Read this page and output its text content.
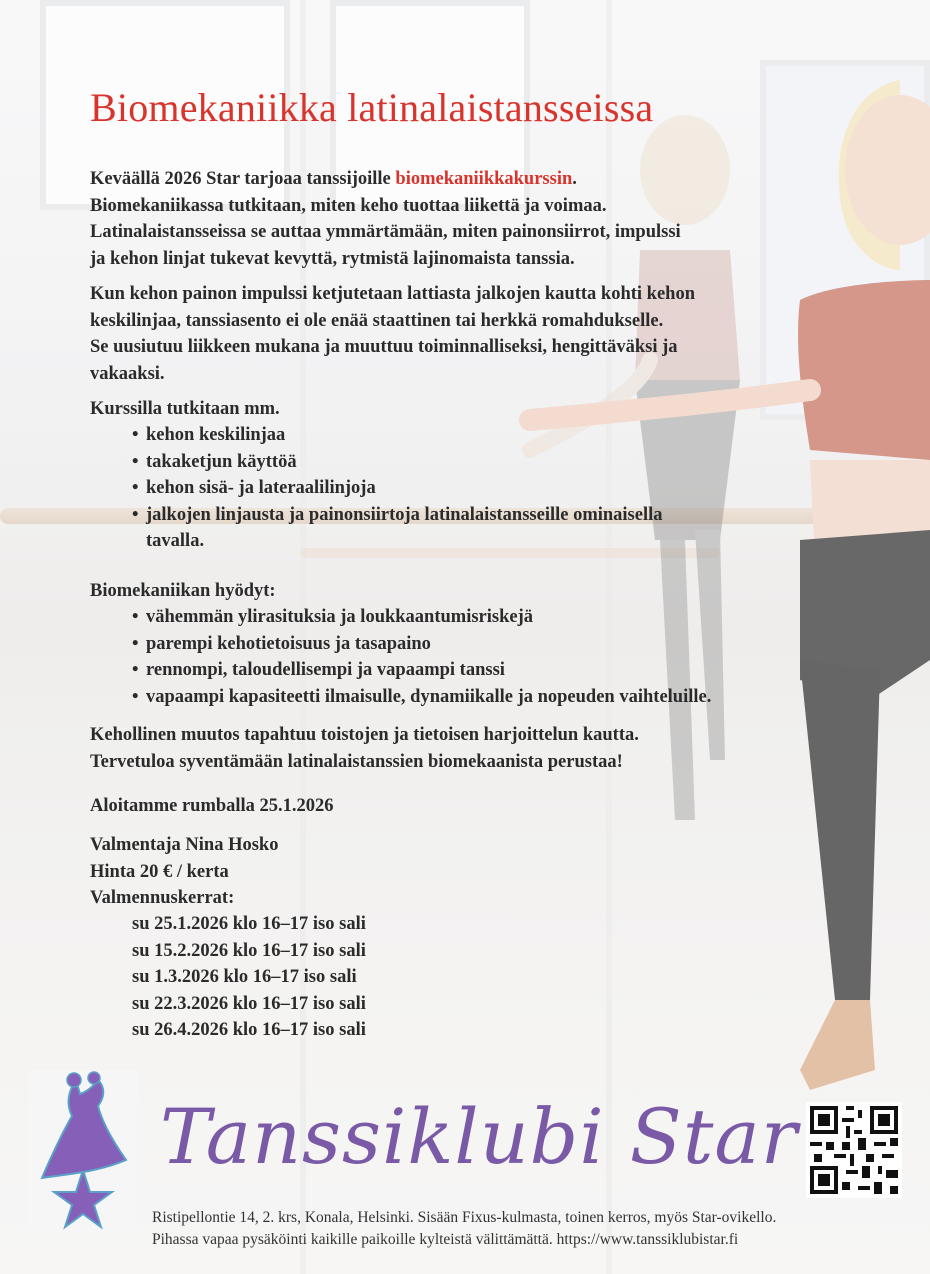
Biomekaniikka latinalaistansseissa

Keväällä 2026 Star tarjoaa tanssijoille biomekaniikkakurssin.
Biomekaniikassa tutkitaan, miten keho tuottaa liikettä ja voimaa.
Latinalaistansseissa se auttaa ymmärtämään, miten painonsiirrot, impulssi
ja kehon linjat tukevat kevyttä, rytmistä lajinomaista tanssia.

Kun kehon painon impulssi ketjutetaan lattiasta jalkojen kautta kohti kehon
keskilinjaa, tanssiasento ei ole enää staattinen tai herkkä romahdukselle.
Se uusiutuu liikkeen mukana ja muuttuu toiminnalliseksi, hengittäväksi ja
vakaaksi.

Kurssilla tutkitaan mm.

• kehon keskilinjaa
• takaketjun käyttöä
• kehon sisä- ja lateraalilinjoja
• jalkojen linjausta ja painonsiirtoja latinalaistansseille ominaisella
tavalla.

Biomekaniikan hyödyt:

• vähemmän ylirasituksia ja loukkaantumisriskejä
• parempi kehotietoisuus ja tasapaino
• rennompi, taloudellisempi ja vapaampi tanssi
• vapaampi kapasiteetti ilmaisulle, dynamiikalle ja nopeuden vaihteluille.

Kehollinen muutos tapahtuu toistojen ja tietoisen harjoittelun kautta.
Tervetuloa syventämään latinalaistanssien biomekaanista perustaa!

Aloitamme rumballa 25.1.2026

Valmentaja Nina Hosko
Hinta 20 € / kerta
Valmennuskerrat:

su 25.1.2026 klo 16–17 iso sali
su 15.2.2026 klo 16–17 iso sali
su 1.3.2026 klo 16–17 iso sali
su 22.3.2026 klo 16–17 iso sali
su 26.4.2026 klo 16–17 iso sali

Tanssiklubi Star

Ristipellontie 14, 2. krs, Konala, Helsinki. Sisään Fixus-kulmasta, toinen kerros, myös Star-ovikello.
Pihassa vapaa pysäköinti kaikille paikoille kylteistä välittämättä. https://www.tanssiklubistar.fi
